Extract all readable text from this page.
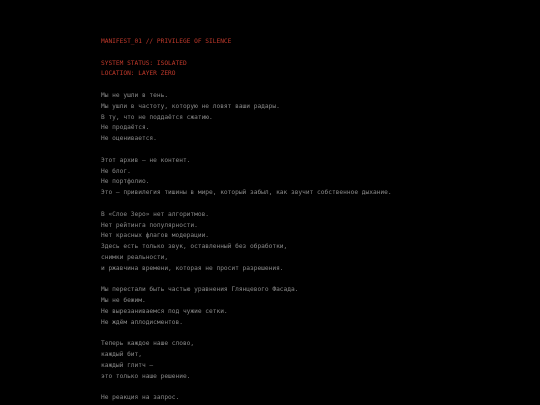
MANIFEST_01 // PRIVILEGE OF SILENCE
SYSTEM STATUS: ISOLATED
LOCATION: LAYER ZERO
Мы не ушли в тень.
Мы ушли в частоту, которую не ловят ваши радары.
В ту, что не поддаётся сжатию.
Не продаётся.
Не оценивается.
Этот архив — не контент.
Не блог.
Не портфолио.
Это — привилегия тишины в мире, который забыл, как звучит собственное дыхание.
В «Слое Зеро» нет алгоритмов.
Нет рейтинга популярности.
Нет красных флагов модерации.
Здесь есть только звук, оставленный без обработки,
снимки реальности,
и ржавчина времени, которая не просит разрешения.
Мы перестали быть частью уравнения Глянцевого Фасада.
Мы не бежим.
Не вырезаниваемся под чужие сетки.
Не ждём аплодисментов.
Теперь каждое наше слово,
каждый бит,
каждый глитч —
это только наше решение.
Не реакция на запрос.
